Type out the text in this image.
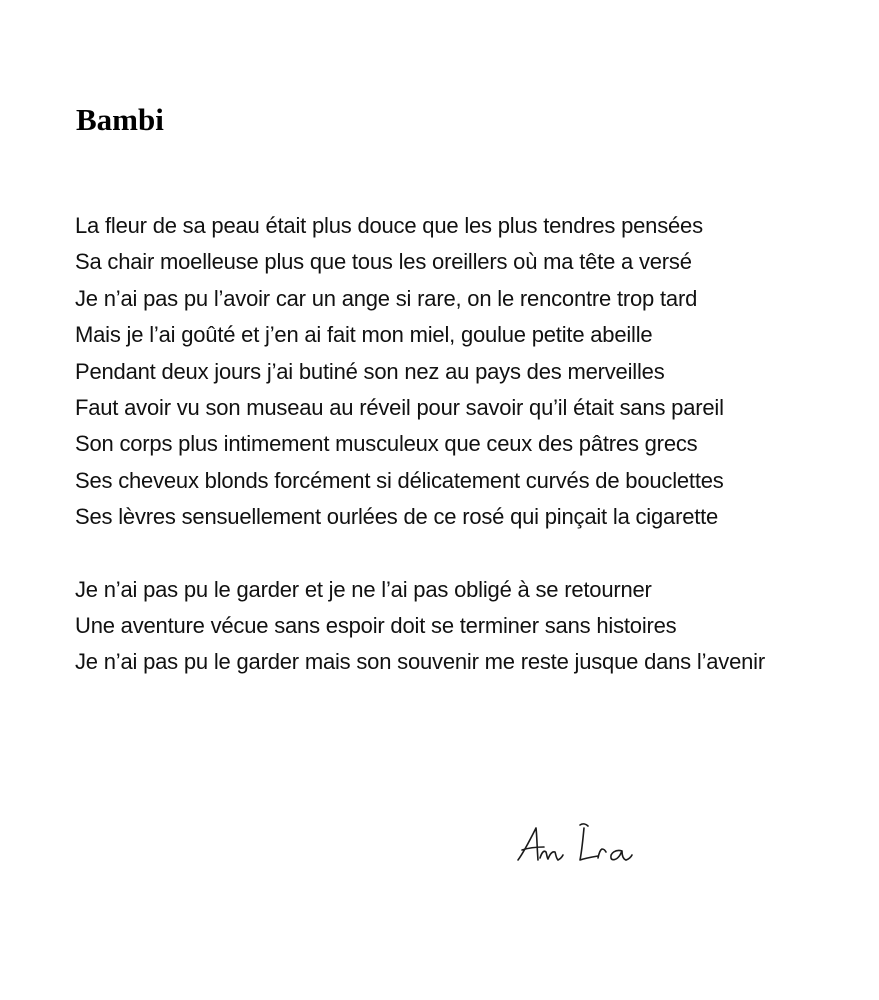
Bambi
La fleur de sa peau était plus douce que les plus tendres pensées
Sa chair moelleuse plus que tous les oreillers où ma tête a versé
Je n’ai pas pu l’avoir car un ange si rare, on le rencontre trop tard
Mais je l’ai goûté et j’en ai fait mon miel, goulue petite abeille
Pendant deux jours j’ai butiné son nez au pays des merveilles
Faut avoir vu son museau au réveil pour savoir qu’il était sans pareil
Son corps plus intimement musculeux que ceux des pâtres grecs
Ses cheveux blonds forcément si délicatement curvés de bouclettes
Ses lèvres sensuellement ourlées de ce rosé qui pinçait la cigarette
Je n’ai pas pu le garder et je ne l’ai pas obligé à se retourner
Une aventure vécue sans espoir doit se terminer sans histoires
Je n’ai pas pu le garder mais son souvenir me reste jusque dans l’avenir
